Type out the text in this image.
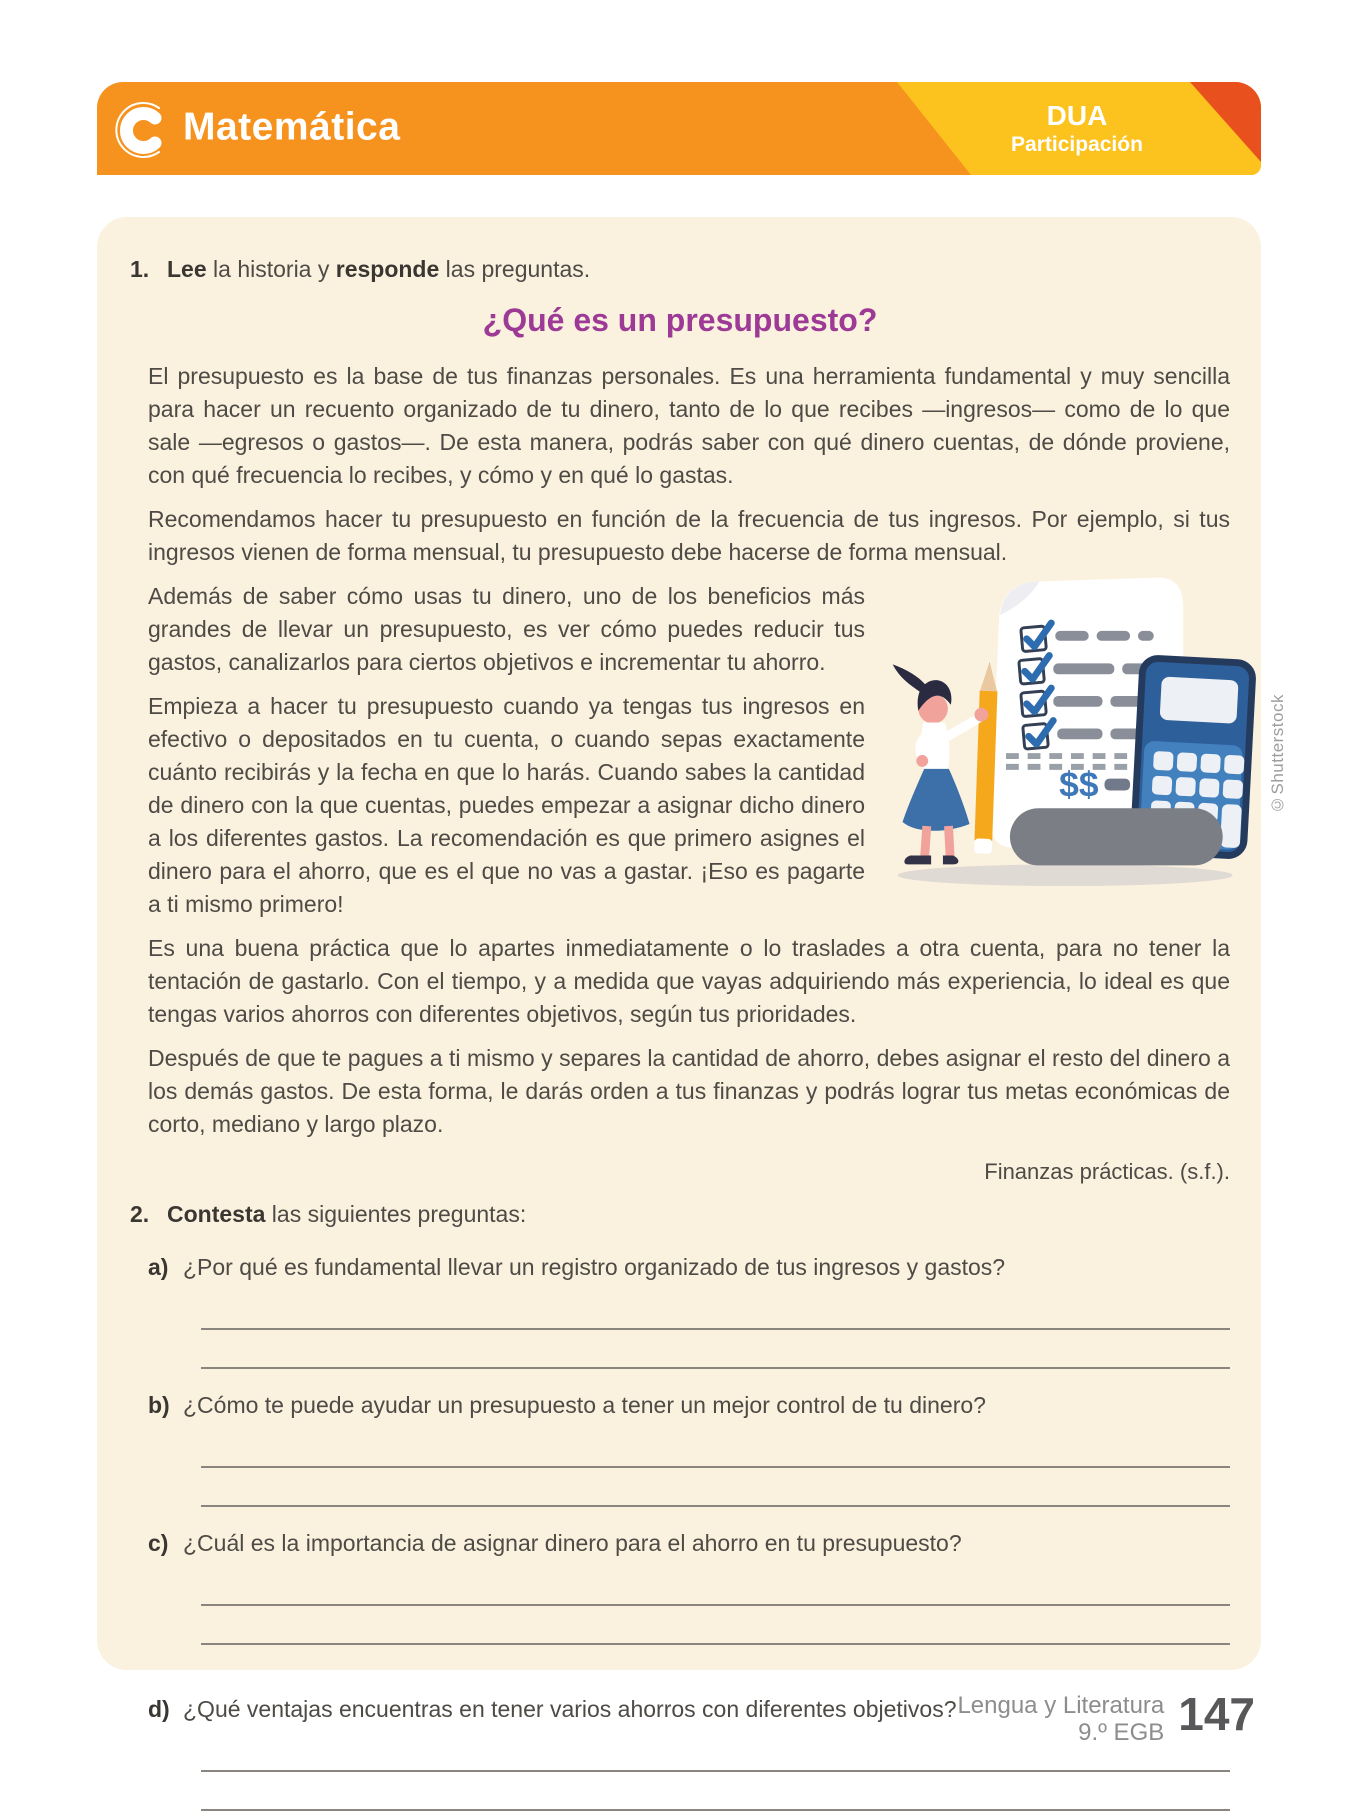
Matemática	DUA
Participación
1. Lee la historia y responde las preguntas.
¿Qué es un presupuesto?

El presupuesto es la base de tus finanzas personales. Es una herramienta fundamental y muy sencilla para hacer un recuento organizado de tu dinero, tanto de lo que recibes —ingresos— como de lo que sale —egresos o gastos—. De esta manera, podrás saber con qué dinero cuentas, de dónde proviene, con qué frecuencia lo recibes, y cómo y en qué lo gastas.

Recomendamos hacer tu presupuesto en función de la frecuencia de tus ingresos. Por ejemplo, si tus ingresos vienen de forma mensual, tu presupuesto debe hacerse de forma mensual.

$$

Además de saber cómo usas tu dinero, uno de los beneficios más grandes de llevar un presupuesto, es ver cómo puedes reducir tus gastos, canalizarlos para ciertos objetivos e incrementar tu ahorro.

Empieza a hacer tu presupuesto cuando ya tengas tus ingresos en efectivo o depositados en tu cuenta, o cuando sepas exactamente cuánto recibirás y la fecha en que lo harás. Cuando sabes la cantidad de dinero con la que cuentas, puedes empezar a asignar dicho dinero a los diferentes gastos. La recomendación es que primero asignes el dinero para el ahorro, que es el que no vas a gastar. ¡Eso es pagarte a ti mismo primero!

Es una buena práctica que lo apartes inmediatamente o lo traslades a otra cuenta, para no tener la tentación de gastarlo. Con el tiempo, y a medida que vayas adquiriendo más experiencia, lo ideal es que tengas varios ahorros con diferentes objetivos, según tus prioridades.

Después de que te pagues a ti mismo y separes la cantidad de ahorro, debes asignar el resto del dinero a los demás gastos. De esta forma, le darás orden a tus finanzas y podrás lograr tus metas económicas de corto, mediano y largo plazo.

Finanzas prácticas. (s.f.).
2. Contesta las siguientes preguntas:
a) ¿Por qué es fundamental llevar un registro organizado de tus ingresos y gastos?
b) ¿Cómo te puede ayudar un presupuesto a tener un mejor control de tu dinero?
c) ¿Cuál es la importancia de asignar dinero para el ahorro en tu presupuesto?
d) ¿Qué ventajas encuentras en tener varios ahorros con diferentes objetivos?
©Shutterstock
Lengua y Literatura
9.º EGB 147
